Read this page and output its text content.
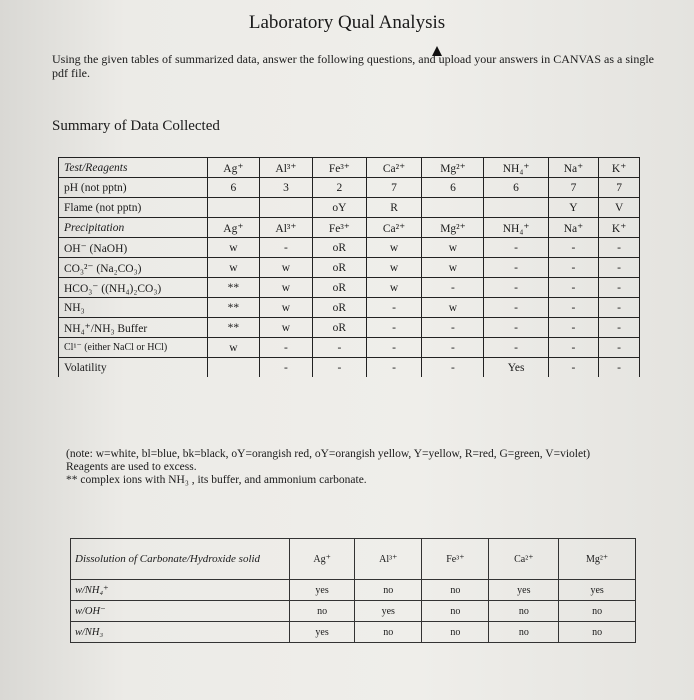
Laboratory Qual Analysis
Using the given tables of summarized data, answer the following questions, and upload your answers in CANVAS as a single pdf file.
Summary of Data Collected
Test/Reagents	Ag⁺	Al³⁺	Fe³⁺	Ca²⁺	Mg²⁺	NH₄⁺	Na⁺	K⁺
pH (not pptn)	6	3	2	7	6	6	7	7
Flame (not pptn)			oY	R			Y	V
Precipitation	Ag⁺	Al³⁺	Fe³⁺	Ca²⁺	Mg²⁺	NH₄⁺	Na⁺	K⁺
OH⁻ (NaOH)	w	-	oR	w	w	-	-	-
CO₃²⁻ (Na₂CO₃)	w	w	oR	w	w	-	-	-
HCO₃⁻ ((NH₄)₂CO₃)	**	w	oR	w	-	-	-	-
NH₃	**	w	oR	-	w	-	-	-
NH₄⁺/NH₃ Buffer	**	w	oR	-	-	-	-	-
Cl¹⁻ (either NaCl or HCl)	w	-	-	-	-	-	-	-
Volatility		-	-	-	-	Yes	-	-
(note: w=white, bl=blue, bk=black, oY=orangish red, oY=orangish yellow, Y=yellow, R=red, G=green, V=violet)
Reagents are used to excess.
** complex ions with NH₃ , its buffer, and ammonium carbonate.
Dissolution of Carbonate/Hydroxide solid	Ag⁺	Al³⁺	Fe³⁺	Ca²⁺	Mg²⁺
w/NH₄⁺	yes	no	no	yes	yes
w/OH⁻	no	yes	no	no	no
w/NH₃	yes	no	no	no	no
